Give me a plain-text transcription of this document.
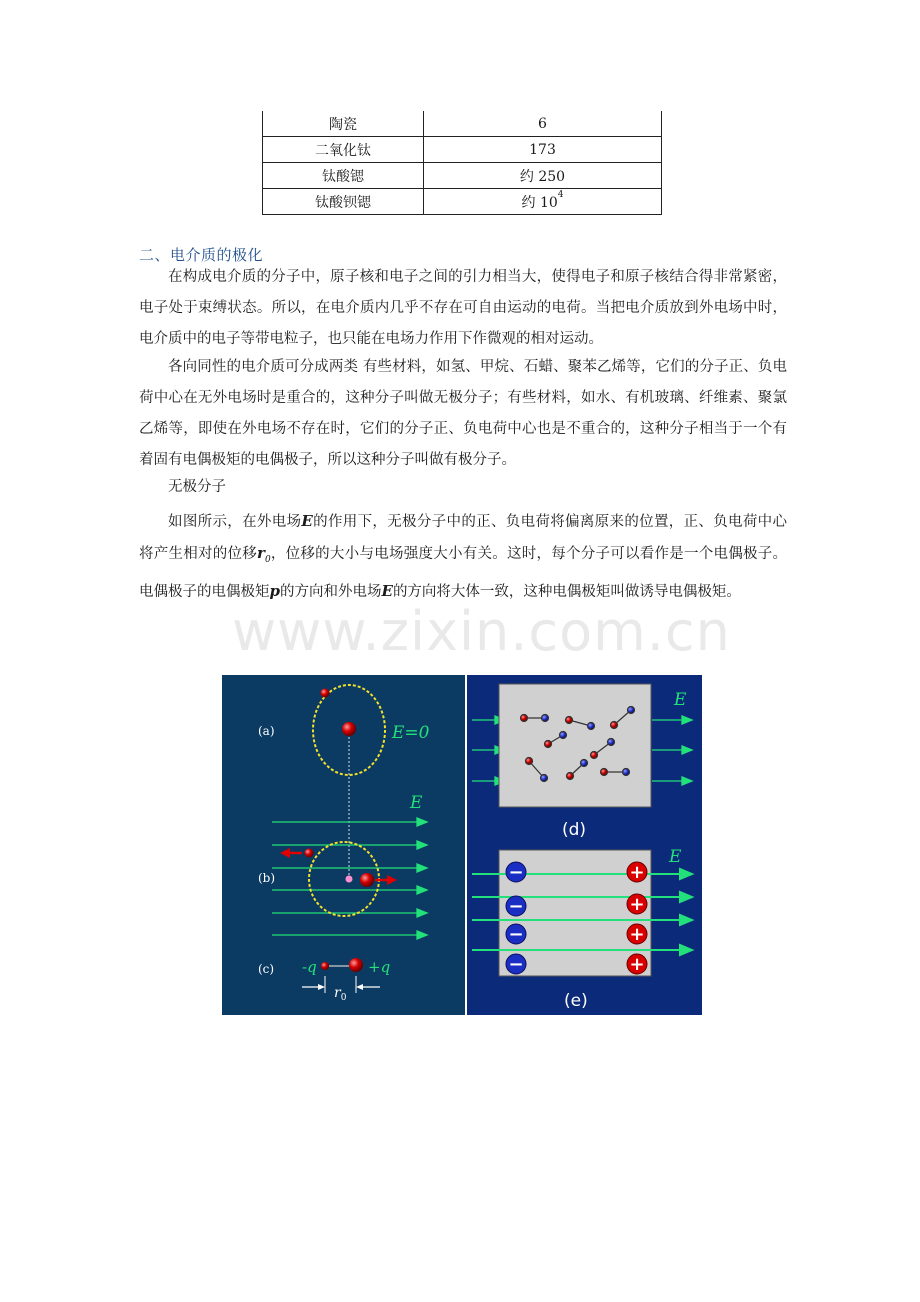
陶瓷	6
二氧化钛	173
钛酸锶	约 250
钛酸钡锶	约 $10^4$
二、电介质的极化

在构成电介质的分子中，原子核和电子之间的引力相当大，使得电子和原子核结合得非常紧密，电子处于束缚状态。所以，在电介质内几乎不存在可自由运动的电荷。当把电介质放到外电场中时，电介质中的电子等带电粒子，也只能在电场力作用下作微观的相对运动。

各向同性的电介质可分成两类 有些材料，如氢、甲烷、石蜡、聚苯乙烯等，它们的分子正、负电荷中心在无外电场时是重合的，这种分子叫做无极分子；有些材料，如水、有机玻璃、纤维素、聚氯乙烯等，即使在外电场不存在时，它们的分子正、负电荷中心也是不重合的，这种分子相当于一个有着固有电偶极矩的电偶极子，所以这种分子叫做有极分子。

无极分子

如图所示，在外电场E的作用下，无极分子中的正、负电荷将偏离原来的位置，正、负电荷中心将产生相对的位移$r_0$，位移的大小与电场强度大小有关。这时，每个分子可以看作是一个电偶极子。电偶极子的电偶极矩p的方向和外电场E的方向将大体一致，这种电偶极矩叫做诱导电偶极矩。

www.zixin.com.cn
(a)	E=0
E
(b)
(c) -q	+q
$r_0$
E
(d)
E
−
−
−
−
+
+
+
+
(e)
